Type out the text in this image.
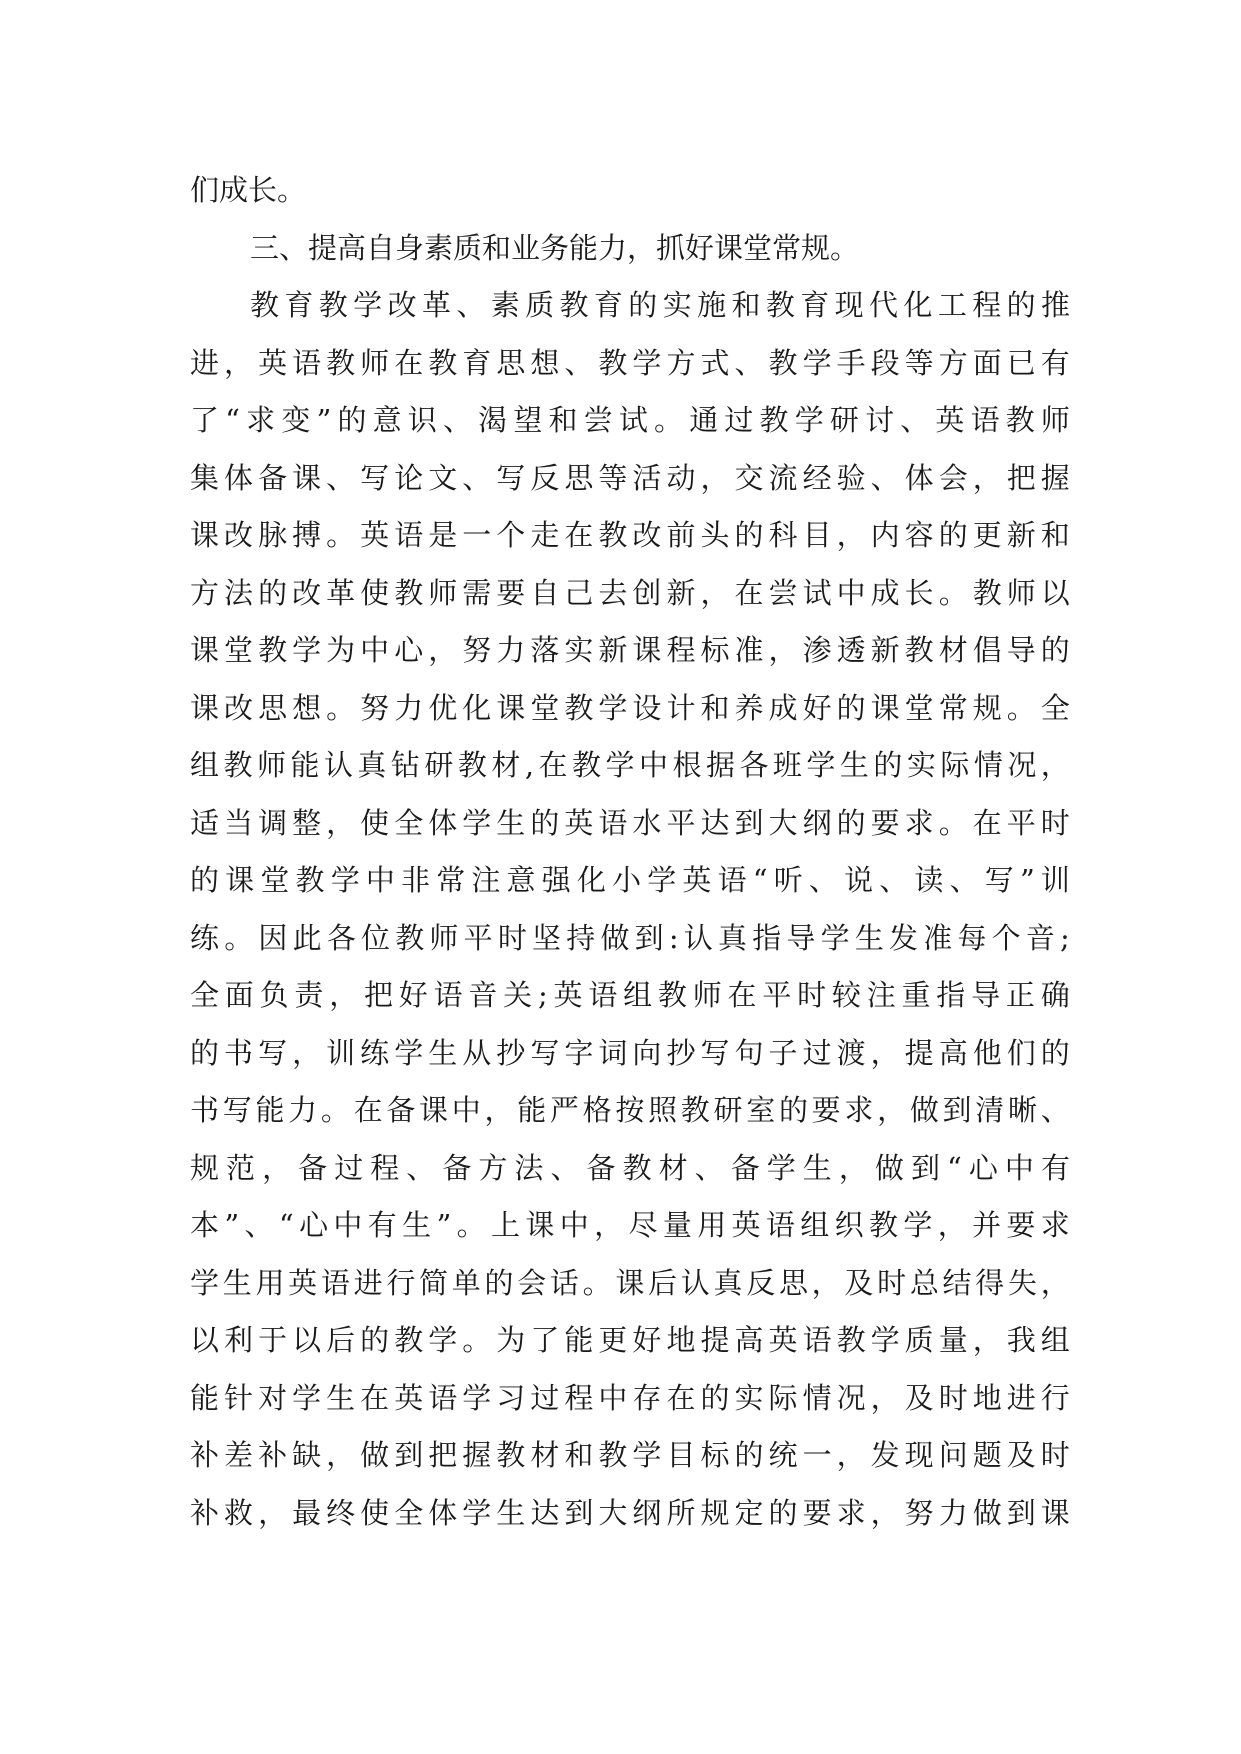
们成长。
三、提高自身素质和业务能力，抓好课堂常规。
教 育 教 学 改 革 、 素 质 教 育 的 实 施 和 教 育 现 代 化 工 程 的 推
进 ， 英 语 教 师 在 教 育 思 想 、 教 学 方 式 、 教 学 手 段 等 方 面 已 有
了 “ 求 变 ” 的 意 识 、 渴 望 和 尝 试 。 通 过 教 学 研 讨 、 英 语 教 师
集 体 备 课 、 写 论 文 、 写 反 思 等 活 动 ， 交 流 经 验 、 体 会 ， 把 握
课 改 脉 搏 。 英 语 是 一 个 走 在 教 改 前 头 的 科 目 ， 内 容 的 更 新 和
方 法 的 改 革 使 教 师 需 要 自 己 去 创 新 ， 在 尝 试 中 成 长 。 教 师 以
课 堂 教 学 为 中 心 ， 努 力 落 实 新 课 程 标 准 ， 渗 透 新 教 材 倡 导 的
课 改 思 想 。 努 力 优 化 课 堂 教 学 设 计 和 养 成 好 的 课 堂 常 规 。 全
组 教 师 能 认 真 钻 研 教 材 , 在 教 学 中 根 据 各 班 学 生 的 实 际 情 况 ，
适 当 调 整 ， 使 全 体 学 生 的 英 语 水 平 达 到 大 纲 的 要 求 。 在 平 时
的 课 堂 教 学 中 非 常 注 意 强 化 小 学 英 语 “ 听 、 说 、 读 、 写 ” 训
练 。 因 此 各 位 教 师 平 时 坚 持 做 到 : 认 真 指 导 学 生 发 准 每 个 音 ;
全 面 负 责 ， 把 好 语 音 关 ; 英 语 组 教 师 在 平 时 较 注 重 指 导 正 确
的 书 写 ， 训 练 学 生 从 抄 写 字 词 向 抄 写 句 子 过 渡 ， 提 高 他 们 的
书 写 能 力 。 在 备 课 中 ， 能 严 格 按 照 教 研 室 的 要 求 ， 做 到 清 晰 、
规 范 ， 备 过 程 、 备 方 法 、 备 教 材 、 备 学 生 ， 做 到 “ 心 中 有
本 ” 、 “ 心 中 有 生 ” 。 上 课 中 ， 尽 量 用 英 语 组 织 教 学 ， 并 要 求
学 生 用 英 语 进 行 简 单 的 会 话 。 课 后 认 真 反 思 ， 及 时 总 结 得 失 ，
以 利 于 以 后 的 教 学 。 为 了 能 更 好 地 提 高 英 语 教 学 质 量 ， 我 组
能 针 对 学 生 在 英 语 学 习 过 程 中 存 在 的 实 际 情 况 ， 及 时 地 进 行
补 差 补 缺 ， 做 到 把 握 教 材 和 教 学 目 标 的 统 一 ， 发 现 问 题 及 时
补 救 ， 最 终 使 全 体 学 生 达 到 大 纲 所 规 定 的 要 求 ， 努 力 做 到 课
